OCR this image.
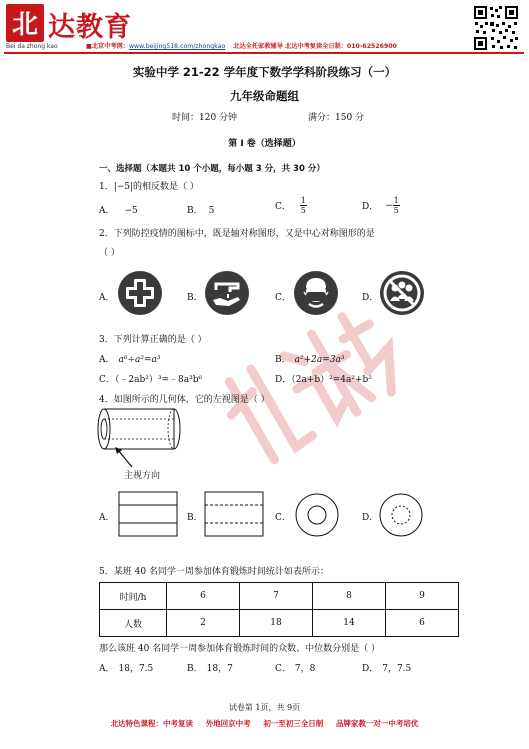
北 达教育
Bei da zhong kao	■北京中考网：www.beijing518.com/zhongkao 北达全托家教辅导 北达中考复读全日制：010-62526900
实验中学 21-22 学年度下数学学科阶段练习（一）
九年级命题组
时间：120 分钟	满分：150 分
第 I 卷（选择题）
一、选择题（本题共 10 个小题，每小题 3 分，共 30 分）
1．|−5|的相反数是（ ）
A． −5	B． 5	C． $\frac{1}{5}$	D． − $\frac{1}{5}$
2．下列防控疫情的图标中，既是轴对称图形，又是中心对称图形的是
（ ）
A．	B．	C．	D．
3．下列计算正确的是（ ）
A． a⁶÷a²=a³	B． a²+2a=3a³
C．（﹣2ab²）³=﹣8a³b⁶	D．（2a+b）²=4a²+b²
4．如图所示的几何体，它的左视图是（ ）
主视方向
A．	B．	C．	D．
5．某班 40 名同学一周参加体育锻炼时间统计如表所示：
时间/h	6	7	8	9
人数	2	18	14	6
那么该班 40 名同学一周参加体育锻炼时间的众数、中位数分别是（ ）
A． 18，7.5	B． 18，7	C． 7，8	D． 7，7.5
试卷第 1页，共 9页
北达特色课程：中考复读 外地回京中考 初一至初三全日制 品牌家教一对一中考培优
